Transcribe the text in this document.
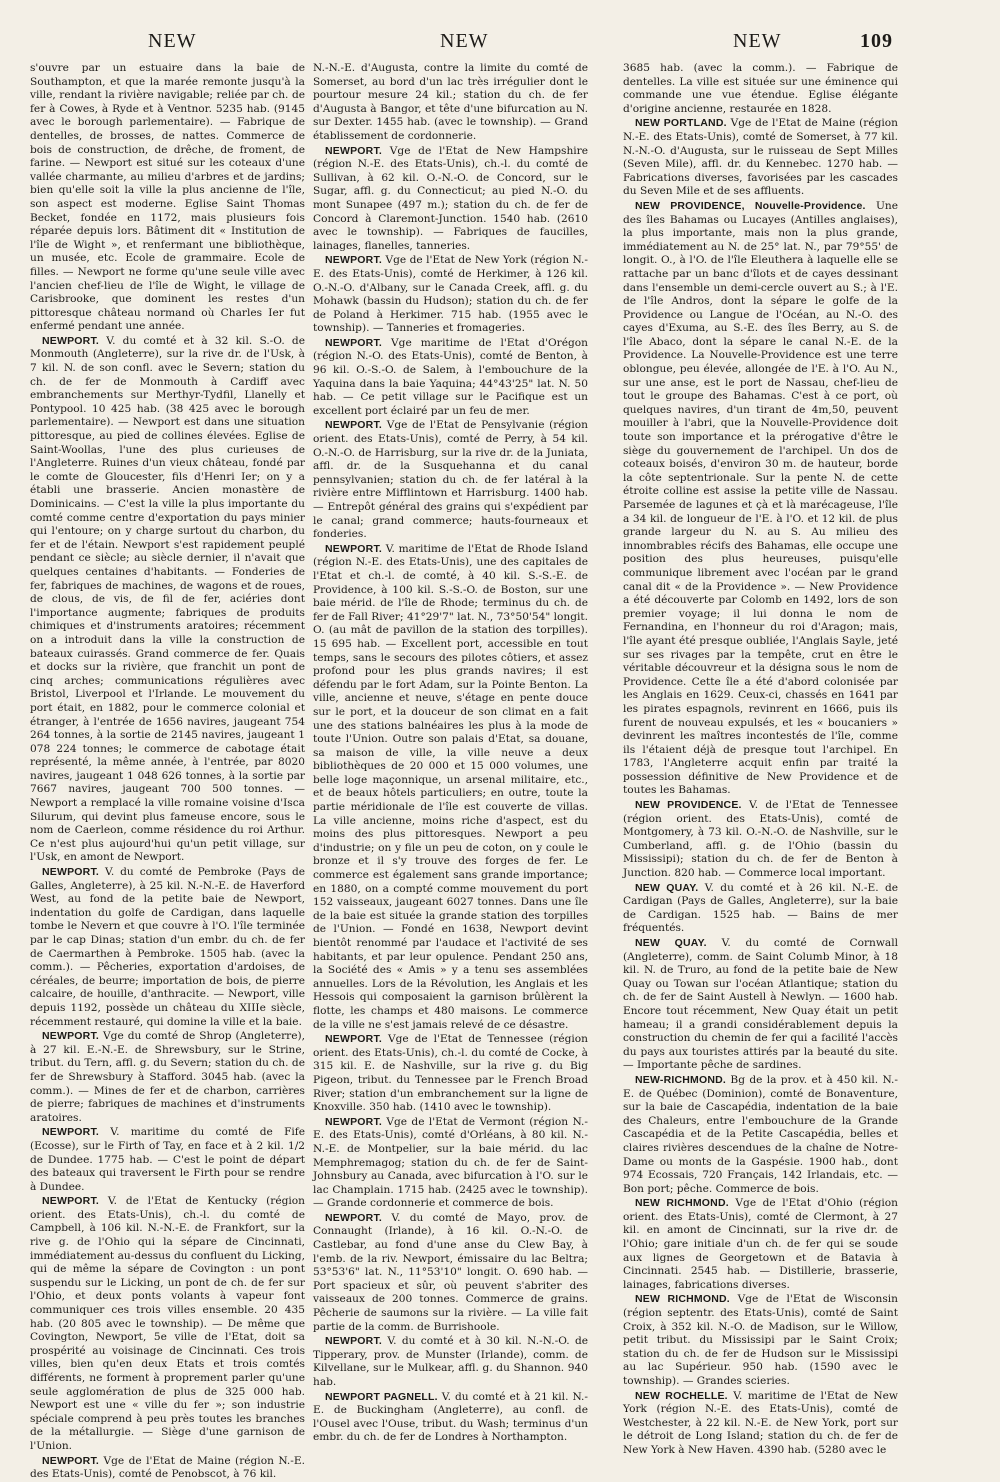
NEW	NEW	NEW	109

s'ouvre par un estuaire dans la baie de Southampton, et que la marée remonte jusqu'à la ville, rendant la rivière navigable; reliée par ch. de fer à Cowes, à Ryde et à Ventnor. 5235 hab. (9145 avec le borough parlementaire). — Fabrique de dentelles, de brosses, de nattes. Commerce de bois de construction, de drêche, de froment, de farine. — Newport est situé sur les coteaux d'une vallée charmante, au milieu d'arbres et de jardins; bien qu'elle soit la ville la plus ancienne de l'île, son aspect est moderne. Eglise Saint Thomas Becket, fondée en 1172, mais plusieurs fois réparée depuis lors. Bâtiment dit « Institution de l'île de Wight », et renfermant une bibliothèque, un musée, etc. Ecole de grammaire. Ecole de filles. — Newport ne forme qu'une seule ville avec l'ancien chef-lieu de l'île de Wight, le village de Carisbrooke, que dominent les restes d'un pittoresque château normand où Charles Ier fut enfermé pendant une année.

NEWPORT. V. du comté et à 32 kil. S.-O. de Monmouth (Angleterre), sur la rive dr. de l'Usk, à 7 kil. N. de son confl. avec le Severn; station du ch. de fer de Monmouth à Cardiff avec embranchements sur Merthyr-Tydfil, Llanelly et Pontypool. 10 425 hab. (38 425 avec le borough parlementaire). — Newport est dans une situation pittoresque, au pied de collines élevées. Eglise de Saint-Woollas, l'une des plus curieuses de l'Angleterre. Ruines d'un vieux château, fondé par le comte de Gloucester, fils d'Henri Ier; on y a établi une brasserie. Ancien monastère de Dominicains. — C'est la ville la plus importante du comté comme centre d'exportation du pays minier qui l'entoure; on y charge surtout du charbon, du fer et de l'étain. Newport s'est rapidement peuplé pendant ce siècle; au siècle dernier, il n'avait que quelques centaines d'habitants. — Fonderies de fer, fabriques de machines, de wagons et de roues, de clous, de vis, de fil de fer, aciéries dont l'importance augmente; fabriques de produits chimiques et d'instruments aratoires; récemment on a introduit dans la ville la construction de bateaux cuirassés. Grand commerce de fer. Quais et docks sur la rivière, que franchit un pont de cinq arches; communications régulières avec Bristol, Liverpool et l'Irlande. Le mouvement du port était, en 1882, pour le commerce colonial et étranger, à l'entrée de 1656 navires, jaugeant 754 264 tonnes, à la sortie de 2145 navires, jaugeant 1 078 224 tonnes; le commerce de cabotage était représenté, la même année, à l'entrée, par 8020 navires, jaugeant 1 048 626 tonnes, à la sortie par 7667 navires, jaugeant 700 500 tonnes. — Newport a remplacé la ville romaine voisine d'Isca Silurum, qui devint plus fameuse encore, sous le nom de Caerleon, comme résidence du roi Arthur. Ce n'est plus aujourd'hui qu'un petit village, sur l'Usk, en amont de Newport.

NEWPORT. V. du comté de Pembroke (Pays de Galles, Angleterre), à 25 kil. N.-N.-E. de Haverford West, au fond de la petite baie de Newport, indentation du golfe de Cardigan, dans laquelle tombe le Nevern et que couvre à l'O. l'île terminée par le cap Dinas; station d'un embr. du ch. de fer de Caermarthen à Pembroke. 1505 hab. (avec la comm.). — Pêcheries, exportation d'ardoises, de céréales, de beurre; importation de bois, de pierre calcaire, de houille, d'anthracite. — Newport, ville depuis 1192, possède un château du XIIIe siècle, récemment restauré, qui domine la ville et la baie.

NEWPORT. Vge du comté de Shrop (Angleterre), à 27 kil. E.-N.-E. de Shrewsbury, sur le Strine, tribut. du Tern, affl. g. du Severn; station du ch. de fer de Shrewsbury à Stafford. 3045 hab. (avec la comm.). — Mines de fer et de charbon, carrières de pierre; fabriques de machines et d'instruments aratoires.

NEWPORT. V. maritime du comté de Fife (Ecosse), sur le Firth of Tay, en face et à 2 kil. 1/2 de Dundee. 1775 hab. — C'est le point de départ des bateaux qui traversent le Firth pour se rendre à Dundee.

NEWPORT. V. de l'Etat de Kentucky (région orient. des Etats-Unis), ch.-l. du comté de Campbell, à 106 kil. N.-N.-E. de Frankfort, sur la rive g. de l'Ohio qui la sépare de Cincinnati, immédiatement au-dessus du confluent du Licking, qui de même la sépare de Covington : un pont suspendu sur le Licking, un pont de ch. de fer sur l'Ohio, et deux ponts volants à vapeur font communiquer ces trois villes ensemble. 20 435 hab. (20 805 avec le township). — De même que Covington, Newport, 5e ville de l'Etat, doit sa prospérité au voisinage de Cincinnati. Ces trois villes, bien qu'en deux Etats et trois comtés différents, ne forment à proprement parler qu'une seule agglomération de plus de 325 000 hab. Newport est une « ville du fer »; son industrie spéciale comprend à peu près toutes les branches de la métallurgie. — Siège d'une garnison de l'Union.

NEWPORT. Vge de l'Etat de Maine (région N.-E. des Etats-Unis), comté de Penobscot, à 76 kil.

N.-N.-E. d'Augusta, contre la limite du comté de Somerset, au bord d'un lac très irrégulier dont le pourtour mesure 24 kil.; station du ch. de fer d'Augusta à Bangor, et tête d'une bifurcation au N. sur Dexter. 1455 hab. (avec le township). — Grand établissement de cordonnerie.

NEWPORT. Vge de l'Etat de New Hampshire (région N.-E. des Etats-Unis), ch.-l. du comté de Sullivan, à 62 kil. O.-N.-O. de Concord, sur le Sugar, affl. g. du Connecticut; au pied N.-O. du mont Sunapee (497 m.); station du ch. de fer de Concord à Claremont-Junction. 1540 hab. (2610 avec le township). — Fabriques de faucilles, lainages, flanelles, tanneries.

NEWPORT. Vge de l'Etat de New York (région N.-E. des Etats-Unis), comté de Herkimer, à 126 kil. O.-N.-O. d'Albany, sur le Canada Creek, affl. g. du Mohawk (bassin du Hudson); station du ch. de fer de Poland à Herkimer. 715 hab. (1955 avec le township). — Tanneries et fromageries.

NEWPORT. Vge maritime de l'Etat d'Orégon (région N.-O. des Etats-Unis), comté de Benton, à 96 kil. O.-S.-O. de Salem, à l'embouchure de la Yaquina dans la baie Yaquina; 44°43'25" lat. N. 50 hab. — Ce petit village sur le Pacifique est un excellent port éclairé par un feu de mer.

NEWPORT. Vge de l'Etat de Pensylvanie (région orient. des Etats-Unis), comté de Perry, à 54 kil. O.-N.-O. de Harrisburg, sur la rive dr. de la Juniata, affl. dr. de la Susquehanna et du canal pennsylvanien; station du ch. de fer latéral à la rivière entre Mifflintown et Harrisburg. 1400 hab. — Entrepôt général des grains qui s'expédient par le canal; grand commerce; hauts-fourneaux et fonderies.

NEWPORT. V. maritime de l'Etat de Rhode Island (région N.-E. des Etats-Unis), une des capitales de l'Etat et ch.-l. de comté, à 40 kil. S.-S.-E. de Providence, à 100 kil. S.-S.-O. de Boston, sur une baie mérid. de l'île de Rhode; terminus du ch. de fer de Fall River; 41°29'7" lat. N., 73°50'54" longit. O. (au mât de pavillon de la station des torpilles). 15 695 hab. — Excellent port, accessible en tout temps, sans le secours des pilotes côtiers, et assez profond pour les plus grands navires; il est défendu par le fort Adam, sur la Pointe Benton. La ville, ancienne et neuve, s'étage en pente douce sur le port, et la douceur de son climat en a fait une des stations balnéaires les plus à la mode de toute l'Union. Outre son palais d'Etat, sa douane, sa maison de ville, la ville neuve a deux bibliothèques de 20 000 et 15 000 volumes, une belle loge maçonnique, un arsenal militaire, etc., et de beaux hôtels particuliers; en outre, toute la partie méridionale de l'île est couverte de villas. La ville ancienne, moins riche d'aspect, est du moins des plus pittoresques. Newport a peu d'industrie; on y file un peu de coton, on y coule le bronze et il s'y trouve des forges de fer. Le commerce est également sans grande importance; en 1880, on a compté comme mouvement du port 152 vaisseaux, jaugeant 6027 tonnes. Dans une île de la baie est située la grande station des torpilles de l'Union. — Fondé en 1638, Newport devint bientôt renommé par l'audace et l'activité de ses habitants, et par leur opulence. Pendant 250 ans, la Société des « Amis » y a tenu ses assemblées annuelles. Lors de la Révolution, les Anglais et les Hessois qui composaient la garnison brûlèrent la flotte, les champs et 480 maisons. Le commerce de la ville ne s'est jamais relevé de ce désastre.

NEWPORT. Vge de l'Etat de Tennessee (région orient. des Etats-Unis), ch.-l. du comté de Cocke, à 315 kil. E. de Nashville, sur la rive g. du Big Pigeon, tribut. du Tennessee par le French Broad River; station d'un embranchement sur la ligne de Knoxville. 350 hab. (1410 avec le township).

NEWPORT. Vge de l'Etat de Vermont (région N.-E. des Etats-Unis), comté d'Orléans, à 80 kil. N.-N.-E. de Montpelier, sur la baie mérid. du lac Memphremagog; station du ch. de fer de Saint-Johnsbury au Canada, avec bifurcation à l'O. sur le lac Champlain. 1715 hab. (2425 avec le township). — Grande cordonnerie et commerce de bois.

NEWPORT. V. du comté de Mayo, prov. de Connaught (Irlande), à 16 kil. O.-N.-O. de Castlebar, au fond d'une anse du Clew Bay, à l'emb. de la riv. Newport, émissaire du lac Beltra; 53°53'6" lat. N., 11°53'10" longit. O. 690 hab. — Port spacieux et sûr, où peuvent s'abriter des vaisseaux de 200 tonnes. Commerce de grains. Pêcherie de saumons sur la rivière. — La ville fait partie de la comm. de Burrishoole.

NEWPORT. V. du comté et à 30 kil. N.-N.-O. de Tipperary, prov. de Munster (Irlande), comm. de Kilvellane, sur le Mulkear, affl. g. du Shannon. 940 hab.

NEWPORT PAGNELL. V. du comté et à 21 kil. N.-E. de Buckingham (Angleterre), au confl. de l'Ousel avec l'Ouse, tribut. du Wash; terminus d'un embr. du ch. de fer de Londres à Northampton.

3685 hab. (avec la comm.). — Fabrique de dentelles. La ville est située sur une éminence qui commande une vue étendue. Eglise élégante d'origine ancienne, restaurée en 1828.

NEW PORTLAND. Vge de l'Etat de Maine (région N.-E. des Etats-Unis), comté de Somerset, à 77 kil. N.-N.-O. d'Augusta, sur le ruisseau de Sept Milles (Seven Mile), affl. dr. du Kennebec. 1270 hab. — Fabrications diverses, favorisées par les cascades du Seven Mile et de ses affluents.

NEW PROVIDENCE, Nouvelle-Providence. Une des îles Bahamas ou Lucayes (Antilles anglaises), la plus importante, mais non la plus grande, immédiatement au N. de 25° lat. N., par 79°55' de longit. O., à l'O. de l'île Eleuthera à laquelle elle se rattache par un banc d'îlots et de cayes dessinant dans l'ensemble un demi-cercle ouvert au S.; à l'E. de l'île Andros, dont la sépare le golfe de la Providence ou Langue de l'Océan, au N.-O. des cayes d'Exuma, au S.-E. des îles Berry, au S. de l'île Abaco, dont la sépare le canal N.-E. de la Providence. La Nouvelle-Providence est une terre oblongue, peu élevée, allongée de l'E. à l'O. Au N., sur une anse, est le port de Nassau, chef-lieu de tout le groupe des Bahamas. C'est à ce port, où quelques navires, d'un tirant de 4m,50, peuvent mouiller à l'abri, que la Nouvelle-Providence doit toute son importance et la prérogative d'être le siège du gouvernement de l'archipel. Un dos de coteaux boisés, d'environ 30 m. de hauteur, borde la côte septentrionale. Sur la pente N. de cette étroite colline est assise la petite ville de Nassau. Parsemée de lagunes et çà et là marécageuse, l'île a 34 kil. de longueur de l'E. à l'O. et 12 kil. de plus grande largeur du N. au S. Au milieu des innombrables récifs des Bahamas, elle occupe une position des plus heureuses, puisqu'elle communique librement avec l'océan par le grand canal dit « de la Providence ». — New Providence a été découverte par Colomb en 1492, lors de son premier voyage; il lui donna le nom de Fernandina, en l'honneur du roi d'Aragon; mais, l'île ayant été presque oubliée, l'Anglais Sayle, jeté sur ses rivages par la tempête, crut en être le véritable découvreur et la désigna sous le nom de Providence. Cette île a été d'abord colonisée par les Anglais en 1629. Ceux-ci, chassés en 1641 par les pirates espagnols, revinrent en 1666, puis ils furent de nouveau expulsés, et les « boucaniers » devinrent les maîtres incontestés de l'île, comme ils l'étaient déjà de presque tout l'archipel. En 1783, l'Angleterre acquit enfin par traité la possession définitive de New Providence et de toutes les Bahamas.

NEW PROVIDENCE. V. de l'Etat de Tennessee (région orient. des Etats-Unis), comté de Montgomery, à 73 kil. O.-N.-O. de Nashville, sur le Cumberland, affl. g. de l'Ohio (bassin du Mississipi); station du ch. de fer de Benton à Junction. 820 hab. — Commerce local important.

NEW QUAY. V. du comté et à 26 kil. N.-E. de Cardigan (Pays de Galles, Angleterre), sur la baie de Cardigan. 1525 hab. — Bains de mer fréquentés.

NEW QUAY. V. du comté de Cornwall (Angleterre), comm. de Saint Columb Minor, à 18 kil. N. de Truro, au fond de la petite baie de New Quay ou Towan sur l'océan Atlantique; station du ch. de fer de Saint Austell à Newlyn. — 1600 hab. Encore tout récemment, New Quay était un petit hameau; il a grandi considérablement depuis la construction du chemin de fer qui a facilité l'accès du pays aux touristes attirés par la beauté du site. — Importante pêche de sardines.

NEW-RICHMOND. Bg de la prov. et à 450 kil. N.-E. de Québec (Dominion), comté de Bonaventure, sur la baie de Cascapédia, indentation de la baie des Chaleurs, entre l'embouchure de la Grande Cascapédia et de la Petite Cascapédia, belles et claires rivières descendues de la chaîne de Notre-Dame ou monts de la Gaspésie. 1900 hab., dont 974 Ecossais, 720 Français, 142 Irlandais, etc. — Bon port; pêche. Commerce de bois.

NEW RICHMOND. Vge de l'Etat d'Ohio (région orient. des Etats-Unis), comté de Clermont, à 27 kil. en amont de Cincinnati, sur la rive dr. de l'Ohio; gare initiale d'un ch. de fer qui se soude aux lignes de Georgetown et de Batavia à Cincinnati. 2545 hab. — Distillerie, brasserie, lainages, fabrications diverses.

NEW RICHMOND. Vge de l'Etat de Wisconsin (région septentr. des Etats-Unis), comté de Saint Croix, à 352 kil. N.-O. de Madison, sur le Willow, petit tribut. du Mississipi par le Saint Croix; station du ch. de fer de Hudson sur le Mississipi au lac Supérieur. 950 hab. (1590 avec le township). — Grandes scieries.

NEW ROCHELLE. V. maritime de l'Etat de New York (région N.-E. des Etats-Unis), comté de Westchester, à 22 kil. N.-E. de New York, port sur le détroit de Long Island; station du ch. de fer de New York à New Haven. 4390 hab. (5280 avec le
